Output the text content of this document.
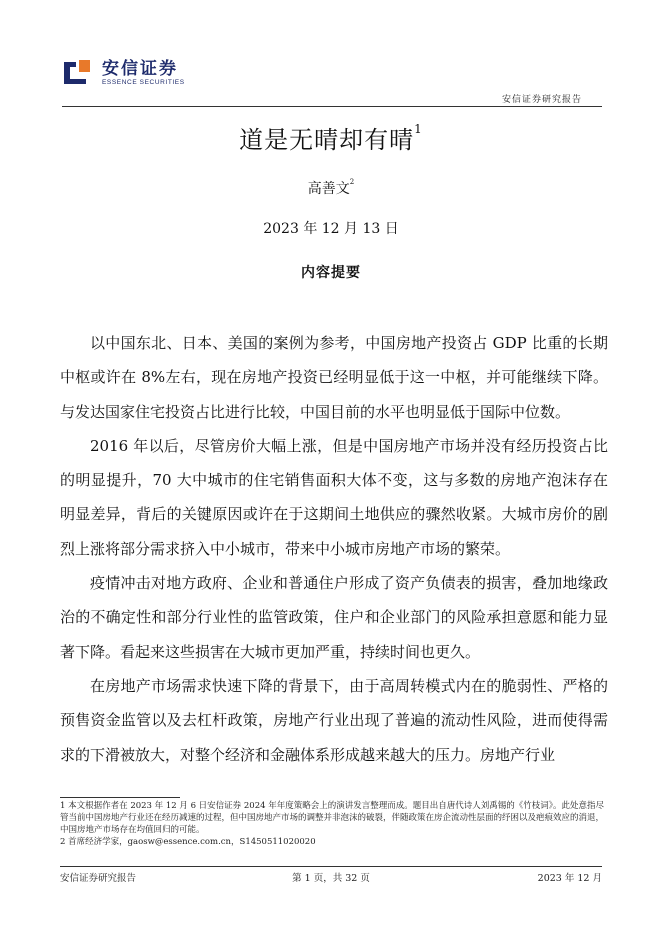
安信证券
ESSENCE SECURITIES
安信证券研究报告
道是无晴却有晴$^1$
高善文$^2$
2023 年 12 月 13 日
内容提要

以中国东北、日本、美国的案例为参考，中国房地产投资占 GDP 比重的长期中枢或许在 8%左右，现在房地产投资已经明显低于这一中枢，并可能继续下降。与发达国家住宅投资占比进行比较，中国目前的水平也明显低于国际中位数。

2016 年以后，尽管房价大幅上涨，但是中国房地产市场并没有经历投资占比的明显提升，70 大中城市的住宅销售面积大体不变，这与多数的房地产泡沫存在明显差异，背后的关键原因或许在于这期间土地供应的骤然收紧。大城市房价的剧烈上涨将部分需求挤入中小城市，带来中小城市房地产市场的繁荣。

疫情冲击对地方政府、企业和普通住户形成了资产负债表的损害，叠加地缘政治的不确定性和部分行业性的监管政策，住户和企业部门的风险承担意愿和能力显著下降。看起来这些损害在大城市更加严重，持续时间也更久。

在房地产市场需求快速下降的背景下，由于高周转模式内在的脆弱性、严格的预售资金监管以及去杠杆政策，房地产行业出现了普遍的流动性风险，进而使得需求的下滑被放大，对整个经济和金融体系形成越来越大的压力。房地产行业

1 本文根据作者在 2023 年 12 月 6 日安信证券 2024 年年度策略会上的演讲发言整理而成。题目出自唐代诗人刘禹锡的《竹枝词》。此处意指尽管当前中国房地产行业还在经历减速的过程，但中国房地产市场的调整并非泡沫的破裂，伴随政策在房企流动性层面的纾困以及疤痕效应的消退，中国房地产市场存在均值回归的可能。

2 首席经济学家，gaosw@essence.com.cn，S1450511020020

安信证券研究报告	第 1 页，共 32 页	2023 年 12 月
